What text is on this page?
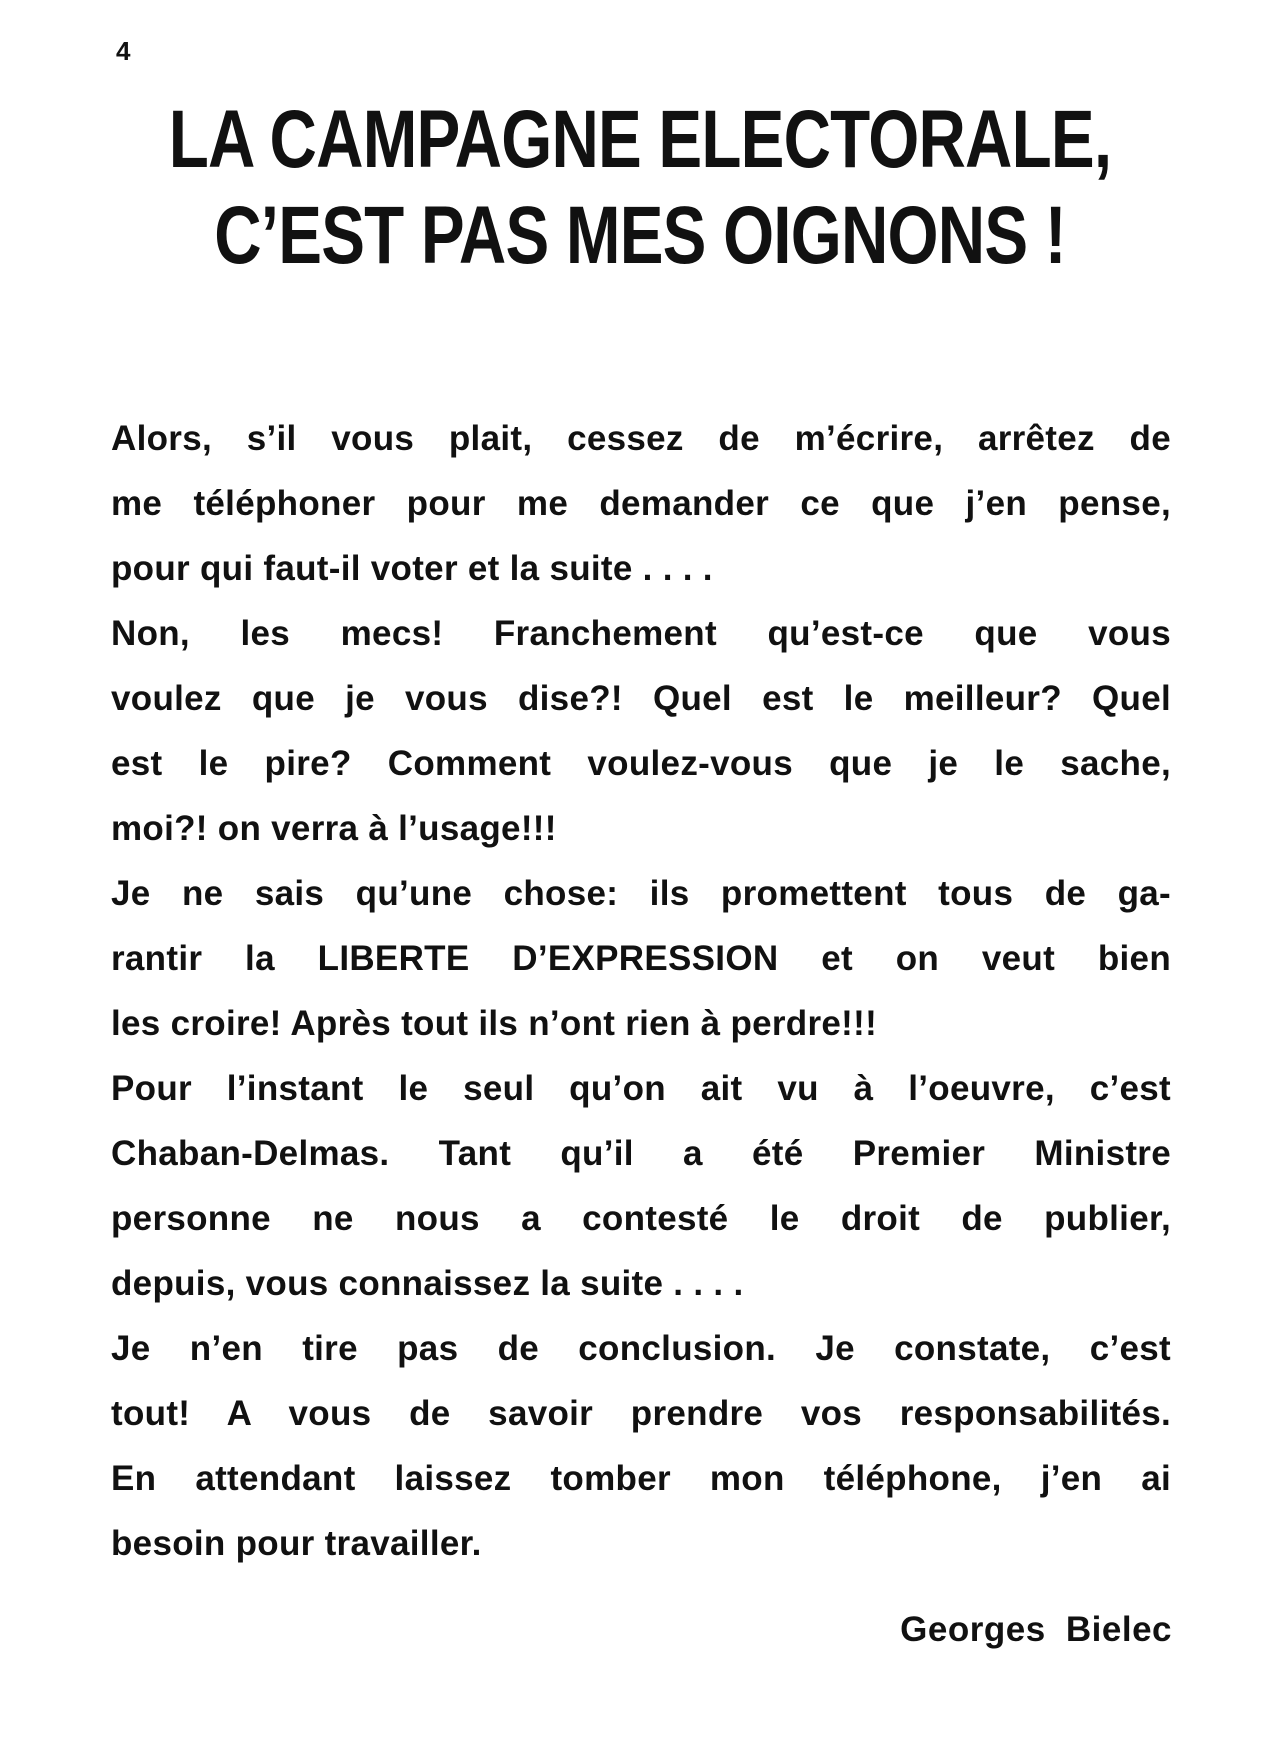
4
LA CAMPAGNE ELECTORALE,
C’EST PAS MES OIGNONS !
Alors, s’il vous plait, cessez de m’écrire, arrêtez de
me téléphoner pour me demander ce que j’en pense,
pour qui faut-il voter et la suite . . . .
Non, les mecs! Franchement qu’est-ce que vous
voulez que je vous dise?! Quel est le meilleur? Quel
est le pire? Comment voulez-vous que je le sache,
moi?! on verra à l’usage!!!
Je ne sais qu’une chose: ils promettent tous de ga-
rantir la LIBERTE D’EXPRESSION et on veut bien
les croire! Après tout ils n’ont rien à perdre!!!
Pour l’instant le seul qu’on ait vu à l’oeuvre, c’est
Chaban-Delmas. Tant qu’il a été Premier Ministre
personne ne nous a contesté le droit de publier,
depuis, vous connaissez la suite . . . .
Je n’en tire pas de conclusion. Je constate, c’est
tout! A vous de savoir prendre vos responsabilités.
En attendant laissez tomber mon téléphone, j’en ai
besoin pour travailler.
Georges Bielec
